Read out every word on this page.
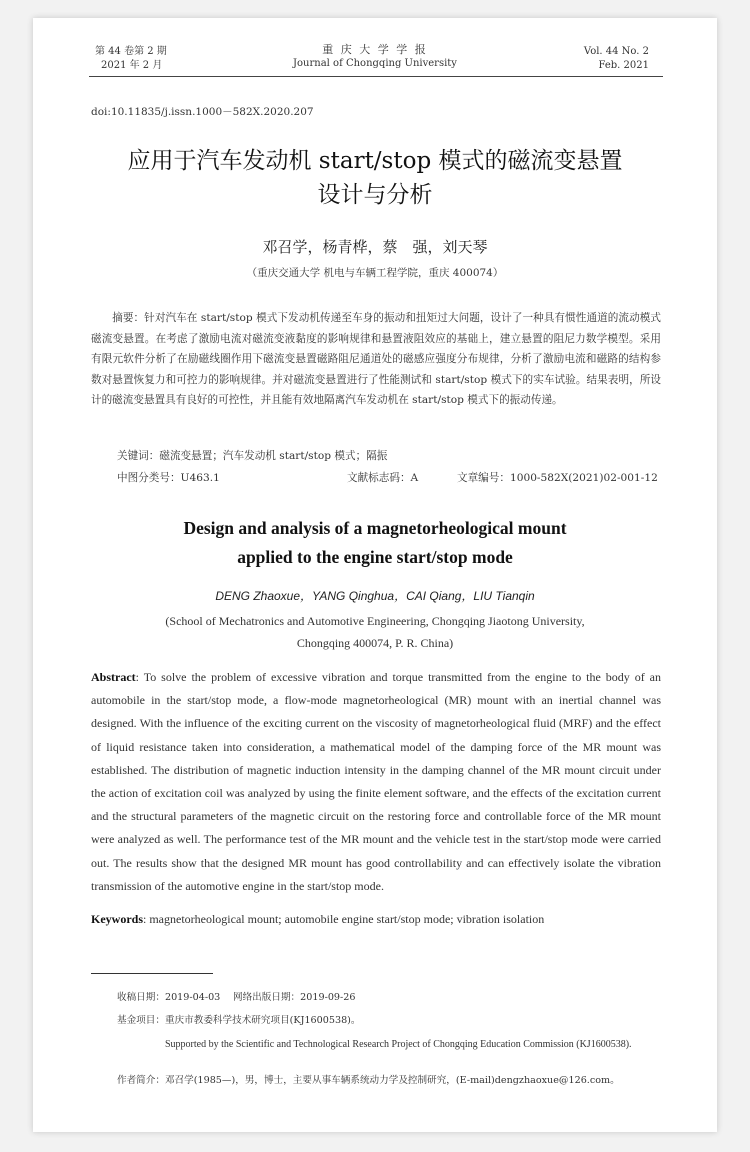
第 44 卷第 2 期
2021 年 2 月
重 庆 大 学 学 报
Journal of Chongqing University
Vol. 44 No. 2
Feb. 2021
doi:10.11835/j.issn.1000－582X.2020.207
应用于汽车发动机 start/stop 模式的磁流变悬置
设计与分析
邓召学，杨青桦，蔡　强，刘天琴
（重庆交通大学 机电与车辆工程学院，重庆 400074）
摘要：针对汽车在 start/stop 模式下发动机传递至车身的振动和扭矩过大问题，设计了一种具有惯性通道的流动模式磁流变悬置。在考虑了激励电流对磁流变液黏度的影响规律和悬置液阻效应的基础上，建立悬置的阻尼力数学模型。采用有限元软件分析了在励磁线圈作用下磁流变悬置磁路阻尼通道处的磁感应强度分布规律，分析了激励电流和磁路的结构参数对悬置恢复力和可控力的影响规律。并对磁流变悬置进行了性能测试和 start/stop 模式下的实车试验。结果表明，所设计的磁流变悬置具有良好的可控性，并且能有效地隔离汽车发动机在 start/stop 模式下的振动传递。
关键词：磁流变悬置；汽车发动机 start/stop 模式；隔振
中图分类号：U463.1	文献标志码：A	文章编号：1000-582X(2021)02-001-12
Design and analysis of a magnetorheological mount
applied to the engine start/stop mode
DENG Zhaoxue，YANG Qinghua，CAI Qiang，LIU Tianqin
(School of Mechatronics and Automotive Engineering, Chongqing Jiaotong University,
Chongqing 400074, P. R. China)
Abstract: To solve the problem of excessive vibration and torque transmitted from the engine to the body of an automobile in the start/stop mode, a flow-mode magnetorheological (MR) mount with an inertial channel was designed. With the influence of the exciting current on the viscosity of magnetorheological fluid (MRF) and the effect of liquid resistance taken into consideration, a mathematical model of the damping force of the MR mount was established. The distribution of magnetic induction intensity in the damping channel of the MR mount circuit under the action of excitation coil was analyzed by using the finite element software, and the effects of the excitation current and the structural parameters of the magnetic circuit on the restoring force and controllable force of the MR mount were analyzed as well. The performance test of the MR mount and the vehicle test in the start/stop mode were carried out. The results show that the designed MR mount has good controllability and can effectively isolate the vibration transmission of the automotive engine in the start/stop mode.
Keywords: magnetorheological mount; automobile engine start/stop mode; vibration isolation
收稿日期：2019-04-03 网络出版日期：2019-09-26
基金项目：重庆市教委科学技术研究项目(KJ1600538)。
Supported by the Scientific and Technological Research Project of Chongqing Education Commission (KJ1600538).
作者简介：邓召学(1985—)，男，博士，主要从事车辆系统动力学及控制研究，(E-mail)dengzhaoxue@126.com。
